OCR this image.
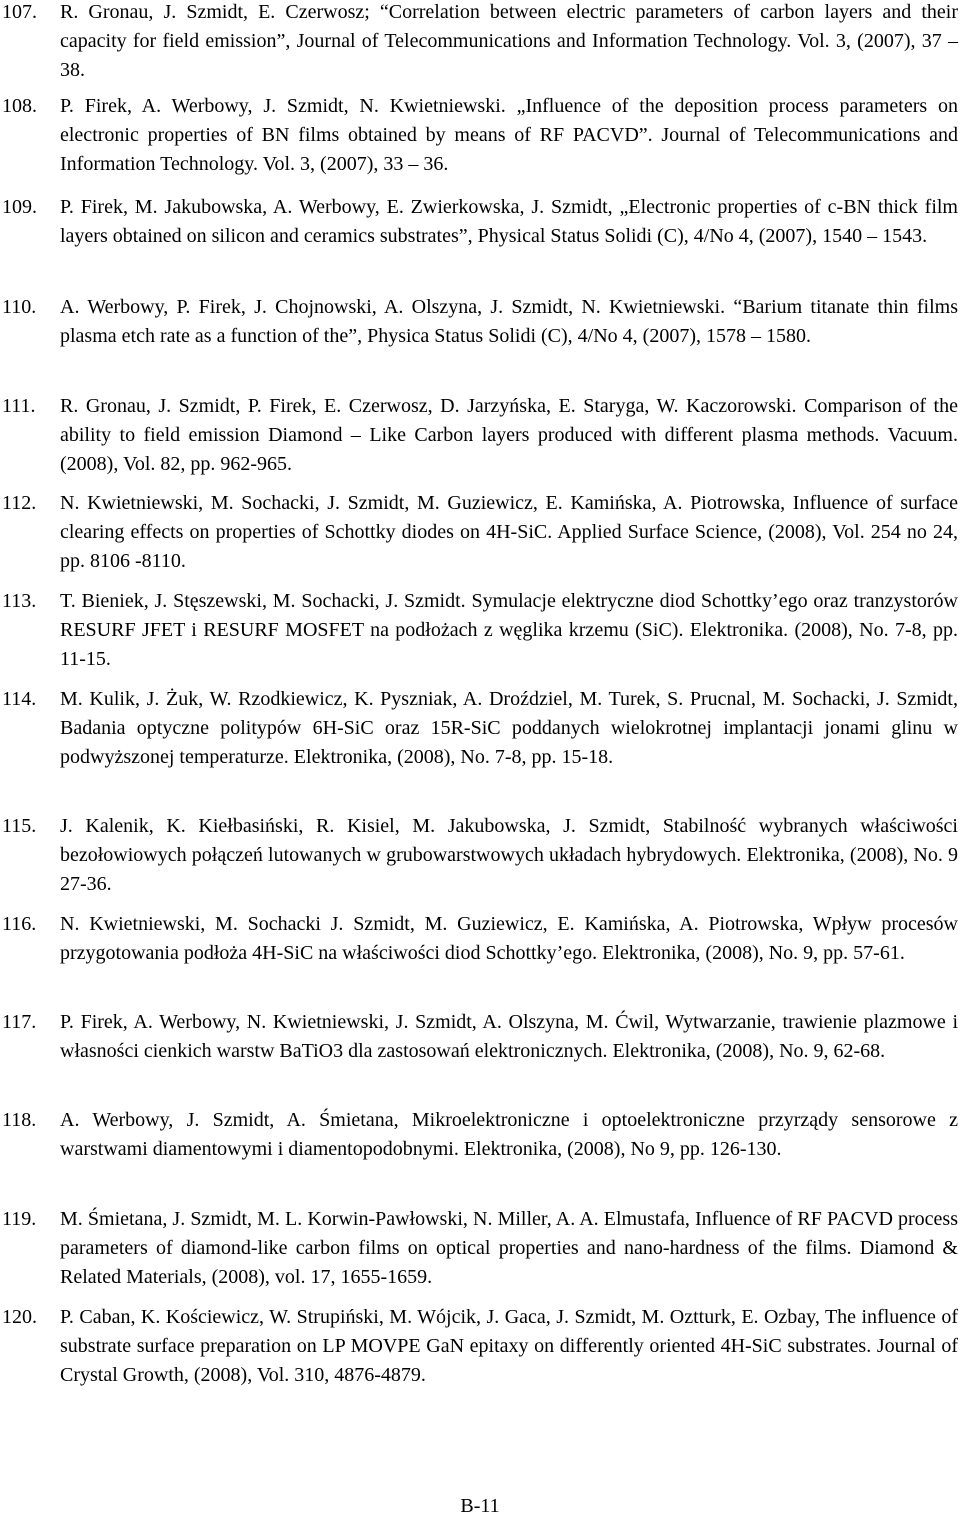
107.	R. Gronau, J. Szmidt, E. Czerwosz; “Correlation between electric parameters of carbon layers and their capacity for field emission”, Journal of Telecommunications and Information Technology. Vol. 3, (2007), 37 – 38.

108.	P. Firek, A. Werbowy, J. Szmidt, N. Kwietniewski. „Influence of the deposition process parameters on electronic properties of BN films obtained by means of RF PACVD”. Journal of Telecommunications and Information Technology. Vol. 3, (2007), 33 – 36.

109.	P. Firek, M. Jakubowska, A. Werbowy, E. Zwierkowska, J. Szmidt, „Electronic properties of c-BN thick film layers obtained on silicon and ceramics substrates”, Physical Status Solidi (C), 4/No 4, (2007), 1540 – 1543.

110.	A. Werbowy, P. Firek, J. Chojnowski, A. Olszyna, J. Szmidt, N. Kwietniewski. “Barium titanate thin films plasma etch rate as a function of the”, Physica Status Solidi (C), 4/No 4, (2007), 1578 – 1580.

111.	R. Gronau, J. Szmidt, P. Firek, E. Czerwosz, D. Jarzyńska, E. Staryga, W. Kaczorowski. Comparison of the ability to field emission Diamond – Like Carbon layers produced with different plasma methods. Vacuum. (2008), Vol. 82, pp. 962-965.

112.	N. Kwietniewski, M. Sochacki, J. Szmidt, M. Guziewicz, E. Kamińska, A. Piotrowska, Influence of surface clearing effects on properties of Schottky diodes on 4H-SiC. Applied Surface Science, (2008), Vol. 254 no 24, pp. 8106 -8110.

113.	T. Bieniek, J. Stęszewski, M. Sochacki, J. Szmidt. Symulacje elektryczne diod Schottky’ego oraz tranzystorów RESURF JFET i RESURF MOSFET na podłożach z węglika krzemu (SiC). Elektronika. (2008), No. 7-8, pp. 11-15.

114.	M. Kulik, J. Żuk, W. Rzodkiewicz, K. Pyszniak, A. Droździel, M. Turek, S. Prucnal, M. Sochacki, J. Szmidt, Badania optyczne politypów 6H-SiC oraz 15R-SiC poddanych wielokrotnej implantacji jonami glinu w podwyższonej temperaturze. Elektronika, (2008), No. 7-8, pp. 15-18.

115.	J. Kalenik, K. Kiełbasiński, R. Kisiel, M. Jakubowska, J. Szmidt, Stabilność wybranych właściwości bezołowiowych połączeń lutowanych w grubowarstwowych układach hybrydowych. Elektronika, (2008), No. 9 27-36.

116.	N. Kwietniewski, M. Sochacki J. Szmidt, M. Guziewicz, E. Kamińska, A. Piotrowska, Wpływ procesów przygotowania podłoża 4H-SiC na właściwości diod Schottky’ego. Elektronika, (2008), No. 9, pp. 57-61.

117.	P. Firek, A. Werbowy, N. Kwietniewski, J. Szmidt, A. Olszyna, M. Ćwil, Wytwarzanie, trawienie plazmowe i własności cienkich warstw BaTiO3 dla zastosowań elektronicznych. Elektronika, (2008), No. 9, 62-68.

118.	A. Werbowy, J. Szmidt, A. Śmietana, Mikroelektroniczne i optoelektroniczne przyrządy sensorowe z warstwami diamentowymi i diamentopodobnymi. Elektronika, (2008), No 9, pp. 126-130.

119.	M. Śmietana, J. Szmidt, M. L. Korwin-Pawłowski, N. Miller, A. A. Elmustafa, Influence of RF PACVD process parameters of diamond-like carbon films on optical properties and nano-hardness of the films. Diamond & Related Materials, (2008), vol. 17, 1655-1659.

120.	P. Caban, K. Kościewicz, W. Strupiński, M. Wójcik, J. Gaca, J. Szmidt, M. Oztturk, E. Ozbay, The influence of substrate surface preparation on LP MOVPE GaN epitaxy on differently oriented 4H-SiC substrates. Journal of Crystal Growth, (2008), Vol. 310, 4876-4879.

B-11
